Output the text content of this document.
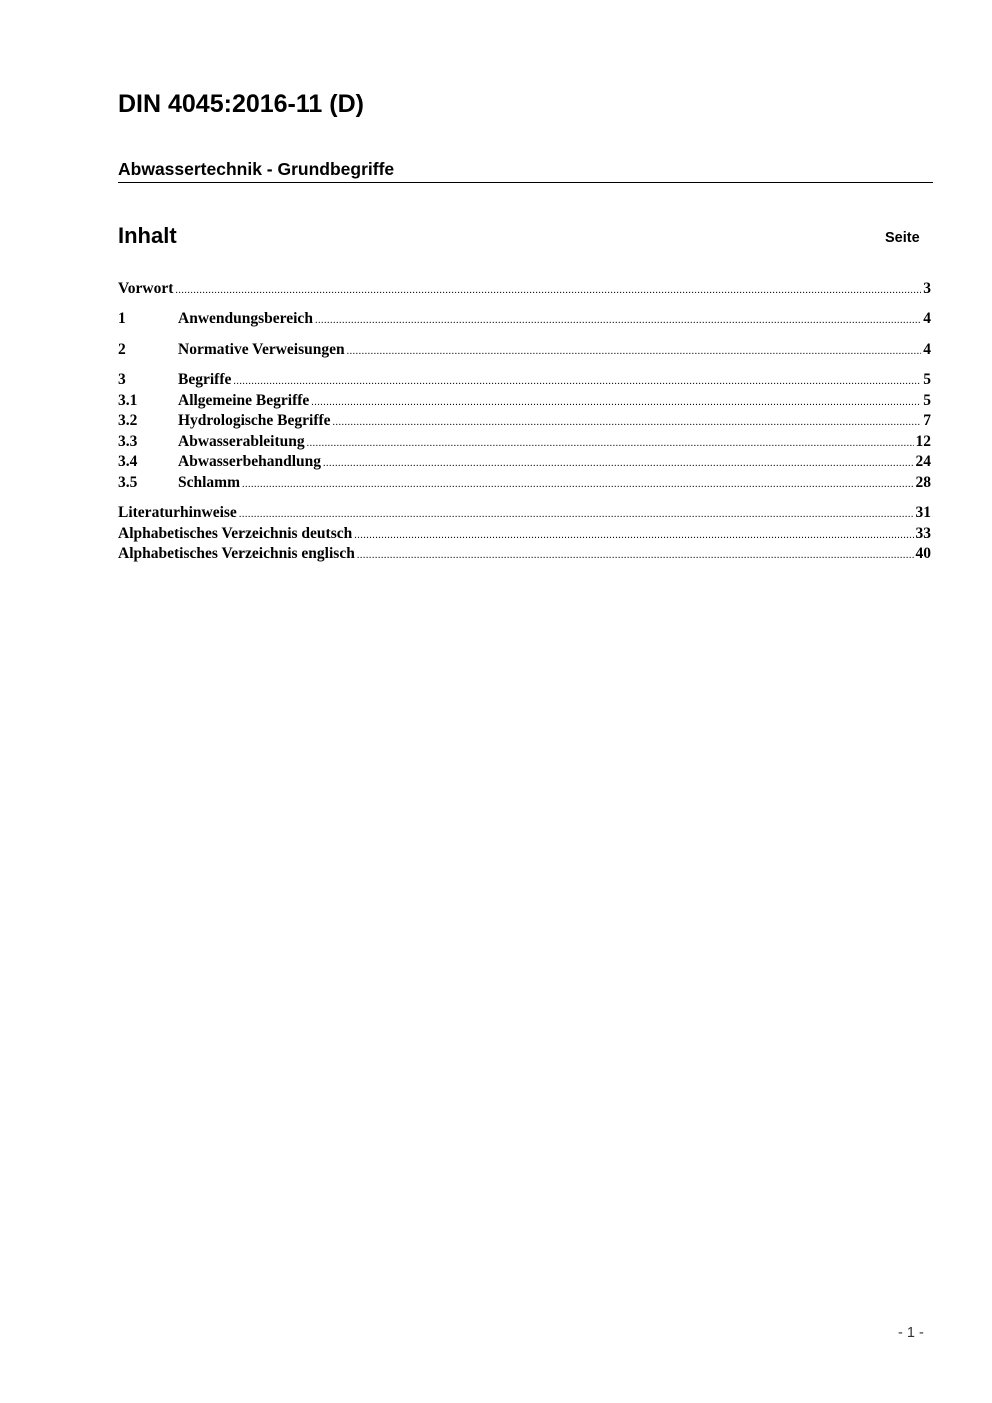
DIN 4045:2016-11 (D)
Abwassertechnik - Grundbegriffe
Inhalt	Seite
Vorwort .....	3
1	Anwendungsbereich .....	4
2	Normative Verweisungen .....	4
3	Begriffe .....	5
3.1	Allgemeine Begriffe .....	5
3.2	Hydrologische Begriffe .....	7
3.3	Abwasserableitung .....	12
3.4	Abwasserbehandlung .....	24
3.5	Schlamm .....	28
Literaturhinweise .....	31
Alphabetisches Verzeichnis deutsch .....	33
Alphabetisches Verzeichnis englisch .....	40
- 1 -
